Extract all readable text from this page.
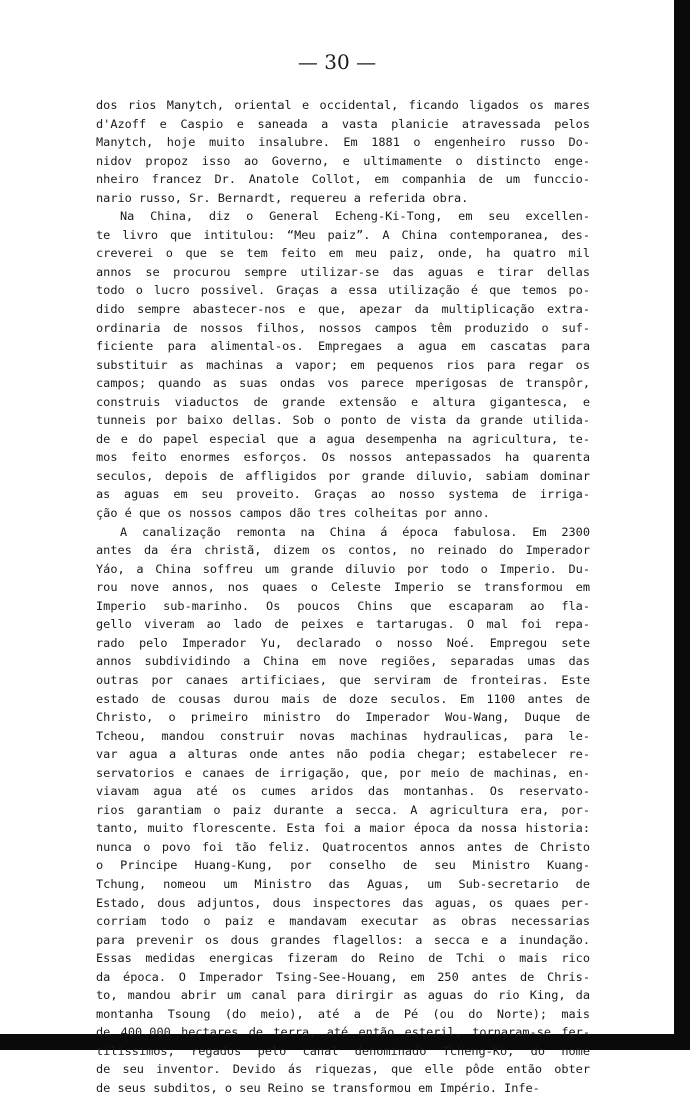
— 30 —

dos rios Manytch, oriental e occidental, ficando ligados os mares
d'Azoff e Caspio e saneada a vasta planicie atravessada pelos
Manytch, hoje muito insalubre. Em 1881 o engenheiro russo Do-
nidov propoz isso ao Governo, e ultimamente o distincto enge-
nheiro francez Dr. Anatole Collot, em companhia de um funccio-
nario russo, Sr. Bernardt, requereu a referida obra.
Na China, diz o General Echeng-Ki-Tong, em seu excellen-
te livro que intitulou: “Meu paiz”. A China contemporanea, des-
creverei o que se tem feito em meu paiz, onde, ha quatro mil
annos se procurou sempre utilizar-se das aguas e tirar dellas
todo o lucro possivel. Graças a essa utilização é que temos po-
dido sempre abastecer-nos e que, apezar da multiplicação extra-
ordinaria de nossos filhos, nossos campos têm produzido o suf-
ficiente para alimental-os. Empregaes a agua em cascatas para
substituir as machinas a vapor; em pequenos rios para regar os
campos; quando as suas ondas vos parece mperigosas de transpôr,
construis viaductos de grande extensão e altura gigantesca, e
tunneis por baixo dellas. Sob o ponto de vista da grande utilida-
de e do papel especial que a agua desempenha na agricultura, te-
mos feito enormes esforços. Os nossos antepassados ha quarenta
seculos, depois de affligidos por grande diluvio, sabiam dominar
as aguas em seu proveito. Graças ao nosso systema de irriga-
ção é que os nossos campos dão tres colheitas por anno.
A canalização remonta na China á época fabulosa. Em 2300
antes da éra christã, dizem os contos, no reinado do Imperador
Yáo, a China soffreu um grande diluvio por todo o Imperio. Du-
rou nove annos, nos quaes o Celeste Imperio se transformou em
Imperio sub-marinho. Os poucos Chins que escaparam ao fla-
gello viveram ao lado de peixes e tartarugas. O mal foi repa-
rado pelo Imperador Yu, declarado o nosso Noé. Empregou sete
annos subdividindo a China em nove regiões, separadas umas das
outras por canaes artificiaes, que serviram de fronteiras. Este
estado de cousas durou mais de doze seculos. Em 1100 antes de
Christo, o primeiro ministro do Imperador Wou-Wang, Duque de
Tcheou, mandou construir novas machinas hydraulicas, para le-
var agua a alturas onde antes não podia chegar; estabelecer re-
servatorios e canaes de irrigação, que, por meio de machinas, en-
viavam agua até os cumes aridos das montanhas. Os reservato-
rios garantiam o paiz durante a secca. A agricultura era, por-
tanto, muito florescente. Esta foi a maior época da nossa historia:
nunca o povo foi tão feliz. Quatrocentos annos antes de Christo
o Principe Huang-Kung, por conselho de seu Ministro Kuang-
Tchung, nomeou um Ministro das Aguas, um Sub-secretario de
Estado, dous adjuntos, dous inspectores das aguas, os quaes per-
corriam todo o paiz e mandavam executar as obras necessarias
para prevenir os dous grandes flagellos: a secca e a inundação.
Essas medidas energicas fizeram do Reino de Tchi o mais rico
da época. O Imperador Tsing-See-Houang, em 250 antes de Chris-
to, mandou abrir um canal para dirirgir as aguas do rio King, da
montanha Tsoung (do meio), até a de Pé (ou do Norte); mais
de 400.000 hectares de terra, até então esteril, tornaram-se fer-
tilissimos, regados pelo canal denominado Tcheng-Ko, do nome
de seu inventor. Devido ás riquezas, que elle pôde então obter
de seus subditos, o seu Reino se transformou em Império. Infe-
